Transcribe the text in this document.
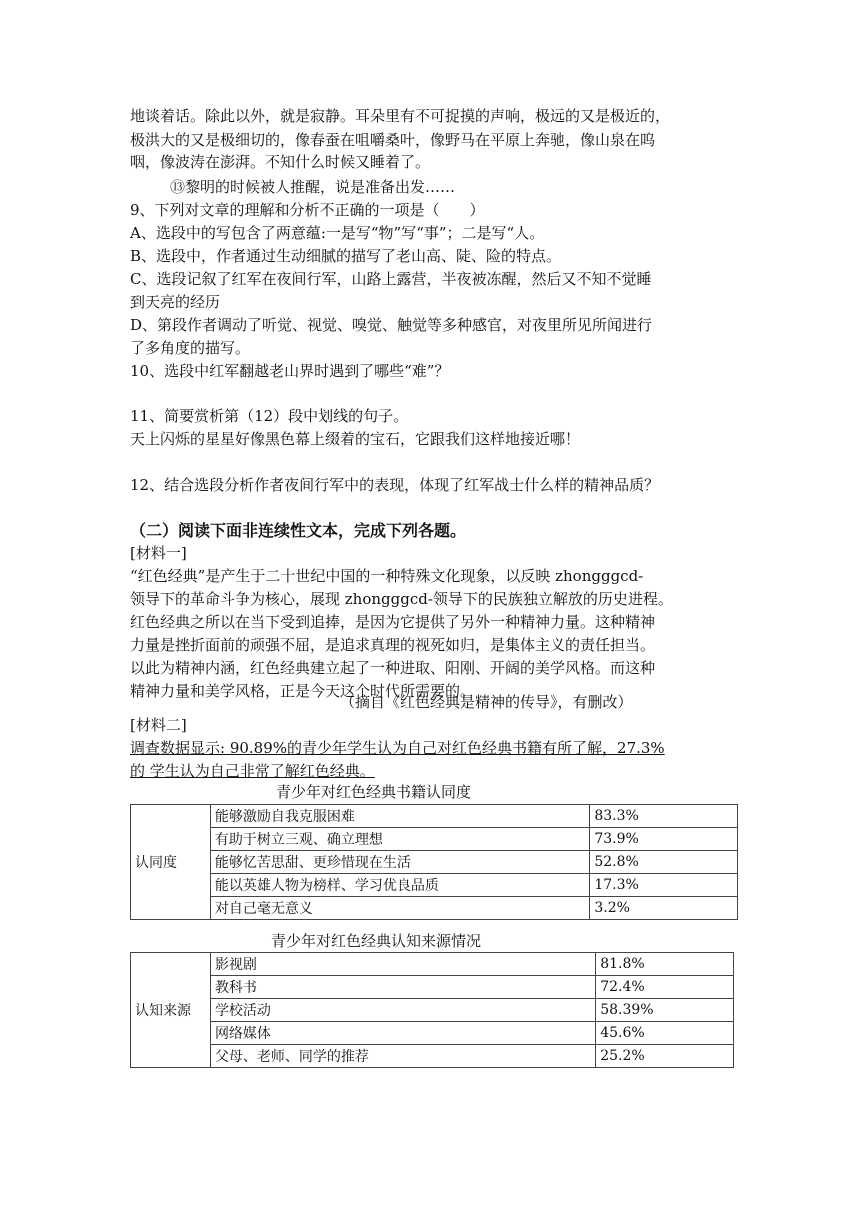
地谈着话。除此以外，就是寂静。耳朵里有不可捉摸的声响，极远的又是极近的，
极洪大的又是极细切的，像春蚕在咀嚼桑叶，像野马在平原上奔驰，像山泉在呜
咽，像波涛在澎湃。不知什么时候又睡着了。
⑬黎明的时候被人推醒，说是准备出发……
9、下列对文章的理解和分析不正确的一项是（　　）
A、选段中的写包含了两意蕴:一是写“物”写“事”；二是写“人。
B、选段中，作者通过生动细腻的描写了老山高、陡、险的特点。
C、选段记叙了红军在夜间行军，山路上露营，半夜被冻醒，然后又不知不觉睡
到天亮的经历
D、第段作者调动了听觉、视觉、嗅觉、触觉等多种感官，对夜里所见所闻进行
了多角度的描写。
10、选段中红军翻越老山界时遇到了哪些“难”？
11、简要赏析第（12）段中划线的句子。
天上闪烁的星星好像黑色幕上缀着的宝石，它跟我们这样地接近哪！
12、结合选段分析作者夜间行军中的表现，体现了红军战士什么样的精神品质？
（二）阅读下面非连续性文本，完成下列各题。
[材料一]
“红色经典”是产生于二十世纪中国的一种特殊文化现象，以反映 zhongggcd-
领导下的革命斗争为核心，展现 zhongggcd-领导下的民族独立解放的历史进程。
红色经典之所以在当下受到追捧，是因为它提供了另外一种精神力量。这种精神
力量是挫折面前的顽强不屈，是追求真理的视死如归，是集体主义的责任担当。
以此为精神内涵，红色经典建立起了一种进取、阳刚、开阔的美学风格。而这种
精神力量和美学风格，正是今天这个时代所需要的。
（摘自《红色经典是精神的传导》，有删改）
[材料二]
调查数据显示: 90.89%的青少年学生认为自己对红色经典书籍有所了解，27.3%
的 学生认为自己非常了解红色经典。
青少年对红色经典书籍认同度
认同度	能够激励自我克服困难	83.3%
	有助于树立三观、确立理想	73.9%
	能够忆苦思甜、更珍惜现在生活	52.8%
	能以英雄人物为榜样、学习优良品质	17.3%
	对自己毫无意义	3.2%
青少年对红色经典认知来源情况
认知来源	影视剧	81.8%
	教科书	72.4%
	学校活动	58.39%
	网络媒体	45.6%
	父母、老师、同学的推荐	25.2%
